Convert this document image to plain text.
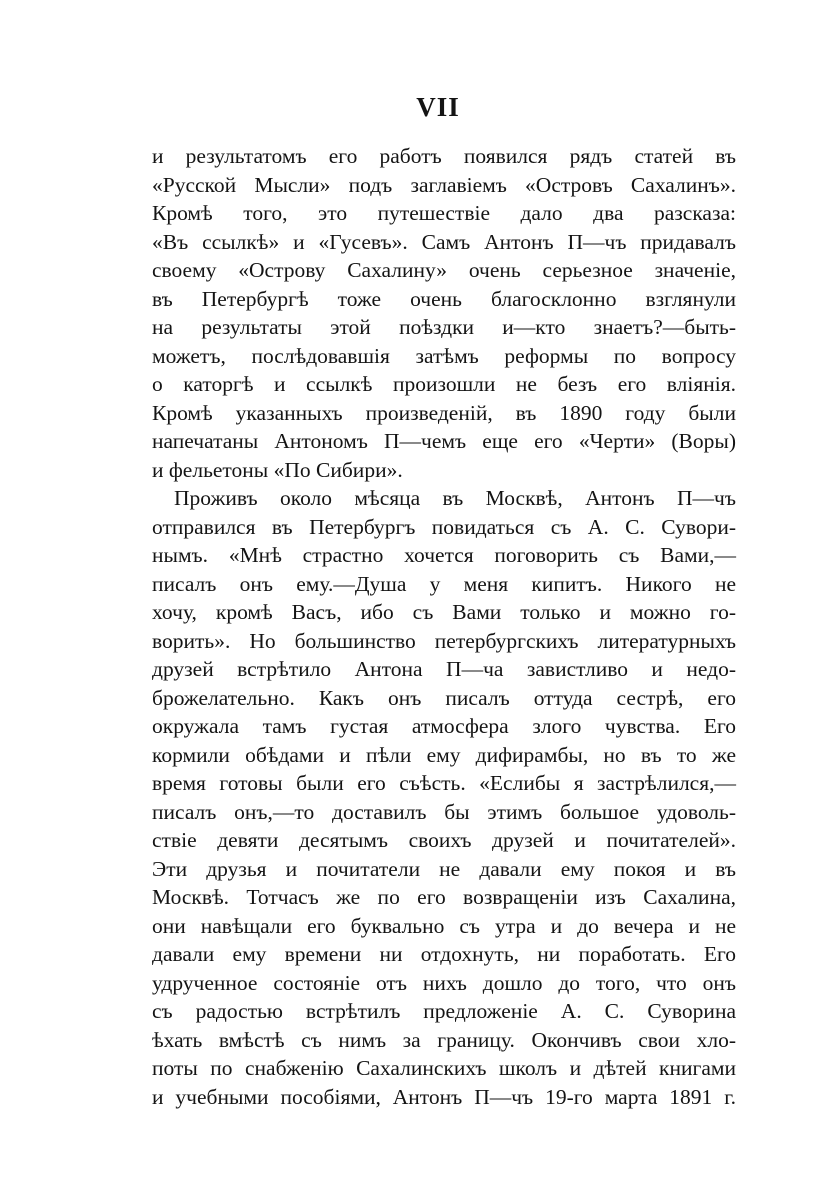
VII
и результатомъ его работъ появился рядъ статей въ
«Русской Мысли» подъ заглавіемъ «Островъ Сахалинъ».
Кромѣ того, это путешествіе дало два разсказа:
«Въ ссылкѣ» и «Гусевъ». Самъ Антонъ П—чъ придавалъ
своему «Острову Сахалину» очень серьезное значеніе,
въ Петербургѣ тоже очень благосклонно взглянули
на результаты этой поѣздки и—кто знаетъ?—быть-
можетъ, послѣдовавшія затѣмъ реформы по вопросу
о каторгѣ и ссылкѣ произошли не безъ его вліянія.
Кромѣ указанныхъ произведеній, въ 1890 году были
напечатаны Антономъ П—чемъ еще его «Черти» (Воры)
и фельетоны «По Сибири».
Проживъ около мѣсяца въ Москвѣ, Антонъ П—чъ
отправился въ Петербургъ повидаться съ А. С. Сувори-
нымъ. «Мнѣ страстно хочется поговорить съ Вами,—
писалъ онъ ему.—Душа у меня кипитъ. Никого не
хочу, кромѣ Васъ, ибо съ Вами только и можно го-
ворить». Но большинство петербургскихъ литературныхъ
друзей встрѣтило Антона П—ча завистливо и недо-
брожелательно. Какъ онъ писалъ оттуда сестрѣ, его
окружала тамъ густая атмосфера злого чувства. Его
кормили обѣдами и пѣли ему дифирамбы, но въ то же
время готовы были его съѣсть. «Еслибы я застрѣлился,—
писалъ онъ,—то доставилъ бы этимъ большое удоволь-
ствіе девяти десятымъ своихъ друзей и почитателей».
Эти друзья и почитатели не давали ему покоя и въ
Москвѣ. Тотчасъ же по его возвращеніи изъ Сахалина,
они навѣщали его буквально съ утра и до вечера и не
давали ему времени ни отдохнуть, ни поработать. Его
удрученное состояніе отъ нихъ дошло до того, что онъ
съ радостью встрѣтилъ предложеніе А. С. Суворина
ѣхать вмѣстѣ съ нимъ за границу. Окончивъ свои хло-
поты по снабженію Сахалинскихъ школъ и дѣтей книгами
и учебными пособіями, Антонъ П—чъ 19-го марта 1891 г.
